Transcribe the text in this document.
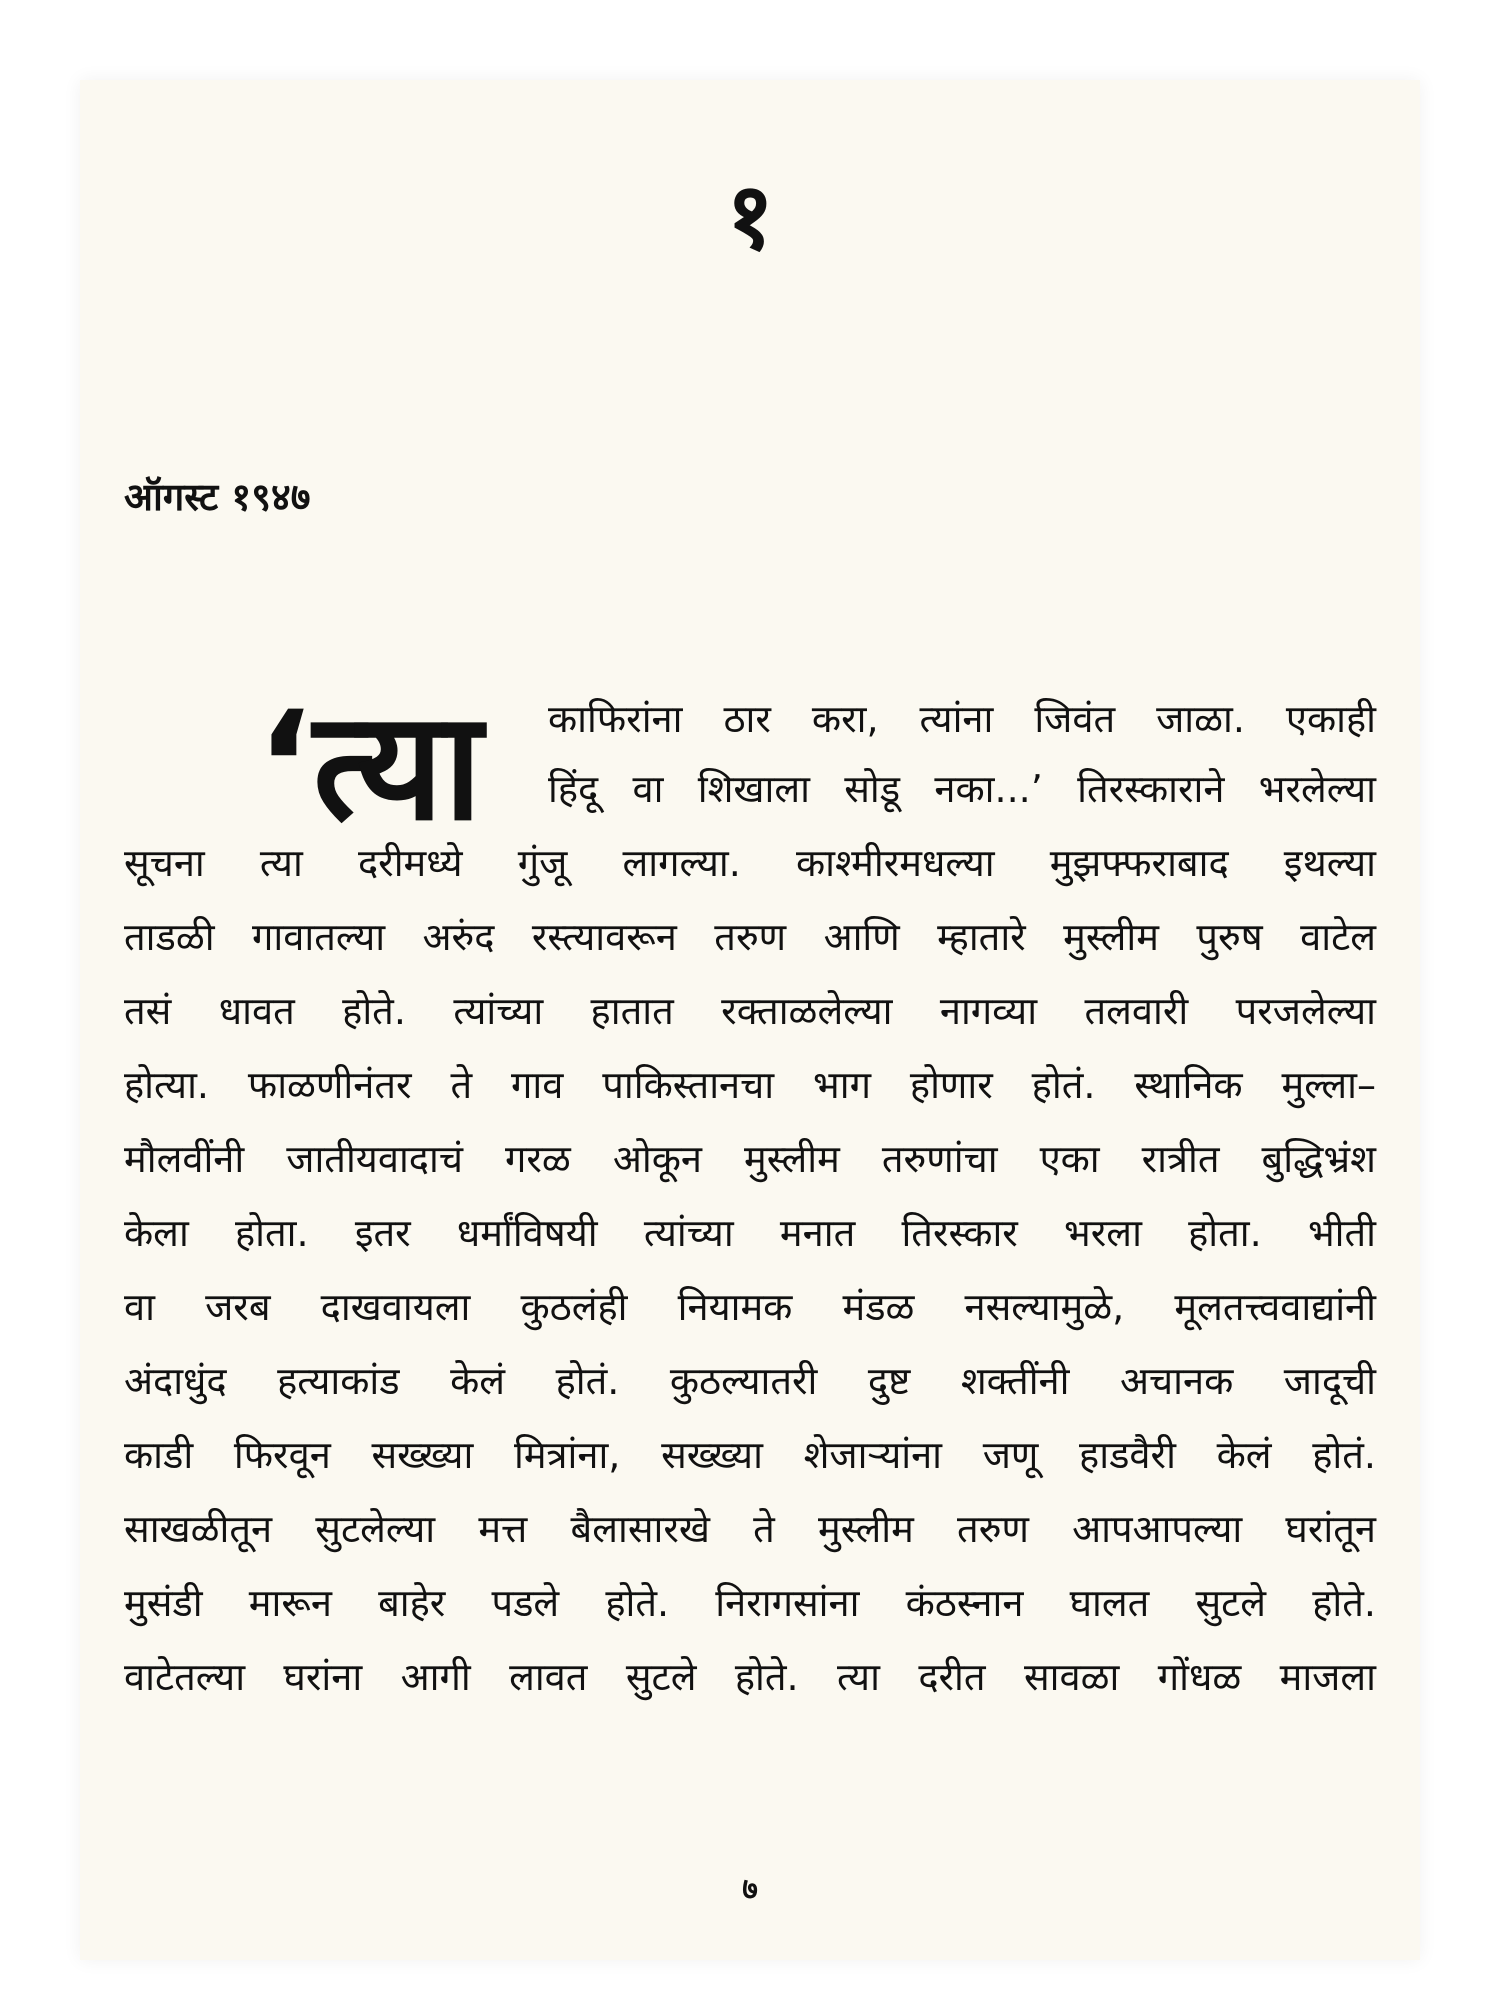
१
ऑगस्ट १९४७
‘त्या	काफिरांना ठार करा, त्यांना जिवंत जाळा. एकाही
हिंदू वा शिखाला सोडू नका...’ तिरस्काराने भरलेल्या
सूचना त्या दरीमध्ये गुंजू लागल्या. काश्मीरमधल्या मुझफ्फराबाद इथल्या
ताडळी गावातल्या अरुंद रस्त्यावरून तरुण आणि म्हातारे मुस्लीम पुरुष वाटेल
तसं धावत होते. त्यांच्या हातात रक्ताळलेल्या नागव्या तलवारी परजलेल्या
होत्या. फाळणीनंतर ते गाव पाकिस्तानचा भाग होणार होतं. स्थानिक मुल्ला–
मौलवींनी जातीयवादाचं गरळ ओकून मुस्लीम तरुणांचा एका रात्रीत बुद्धिभ्रंश
केला होता. इतर धर्मांविषयी त्यांच्या मनात तिरस्कार भरला होता. भीती
वा जरब दाखवायला कुठलंही नियामक मंडळ नसल्यामुळे, मूलतत्त्ववाद्यांनी
अंदाधुंद हत्याकांड केलं होतं. कुठल्यातरी दुष्ट शक्तींनी अचानक जादूची
काडी फिरवून सख्ख्या मित्रांना, सख्ख्या शेजाऱ्यांना जणू हाडवैरी केलं होतं.
साखळीतून सुटलेल्या मत्त बैलासारखे ते मुस्लीम तरुण आपआपल्या घरांतून
मुसंडी मारून बाहेर पडले होते. निरागसांना कंठस्नान घालत सुटले होते.
वाटेतल्या घरांना आगी लावत सुटले होते. त्या दरीत सावळा गोंधळ माजला
७
